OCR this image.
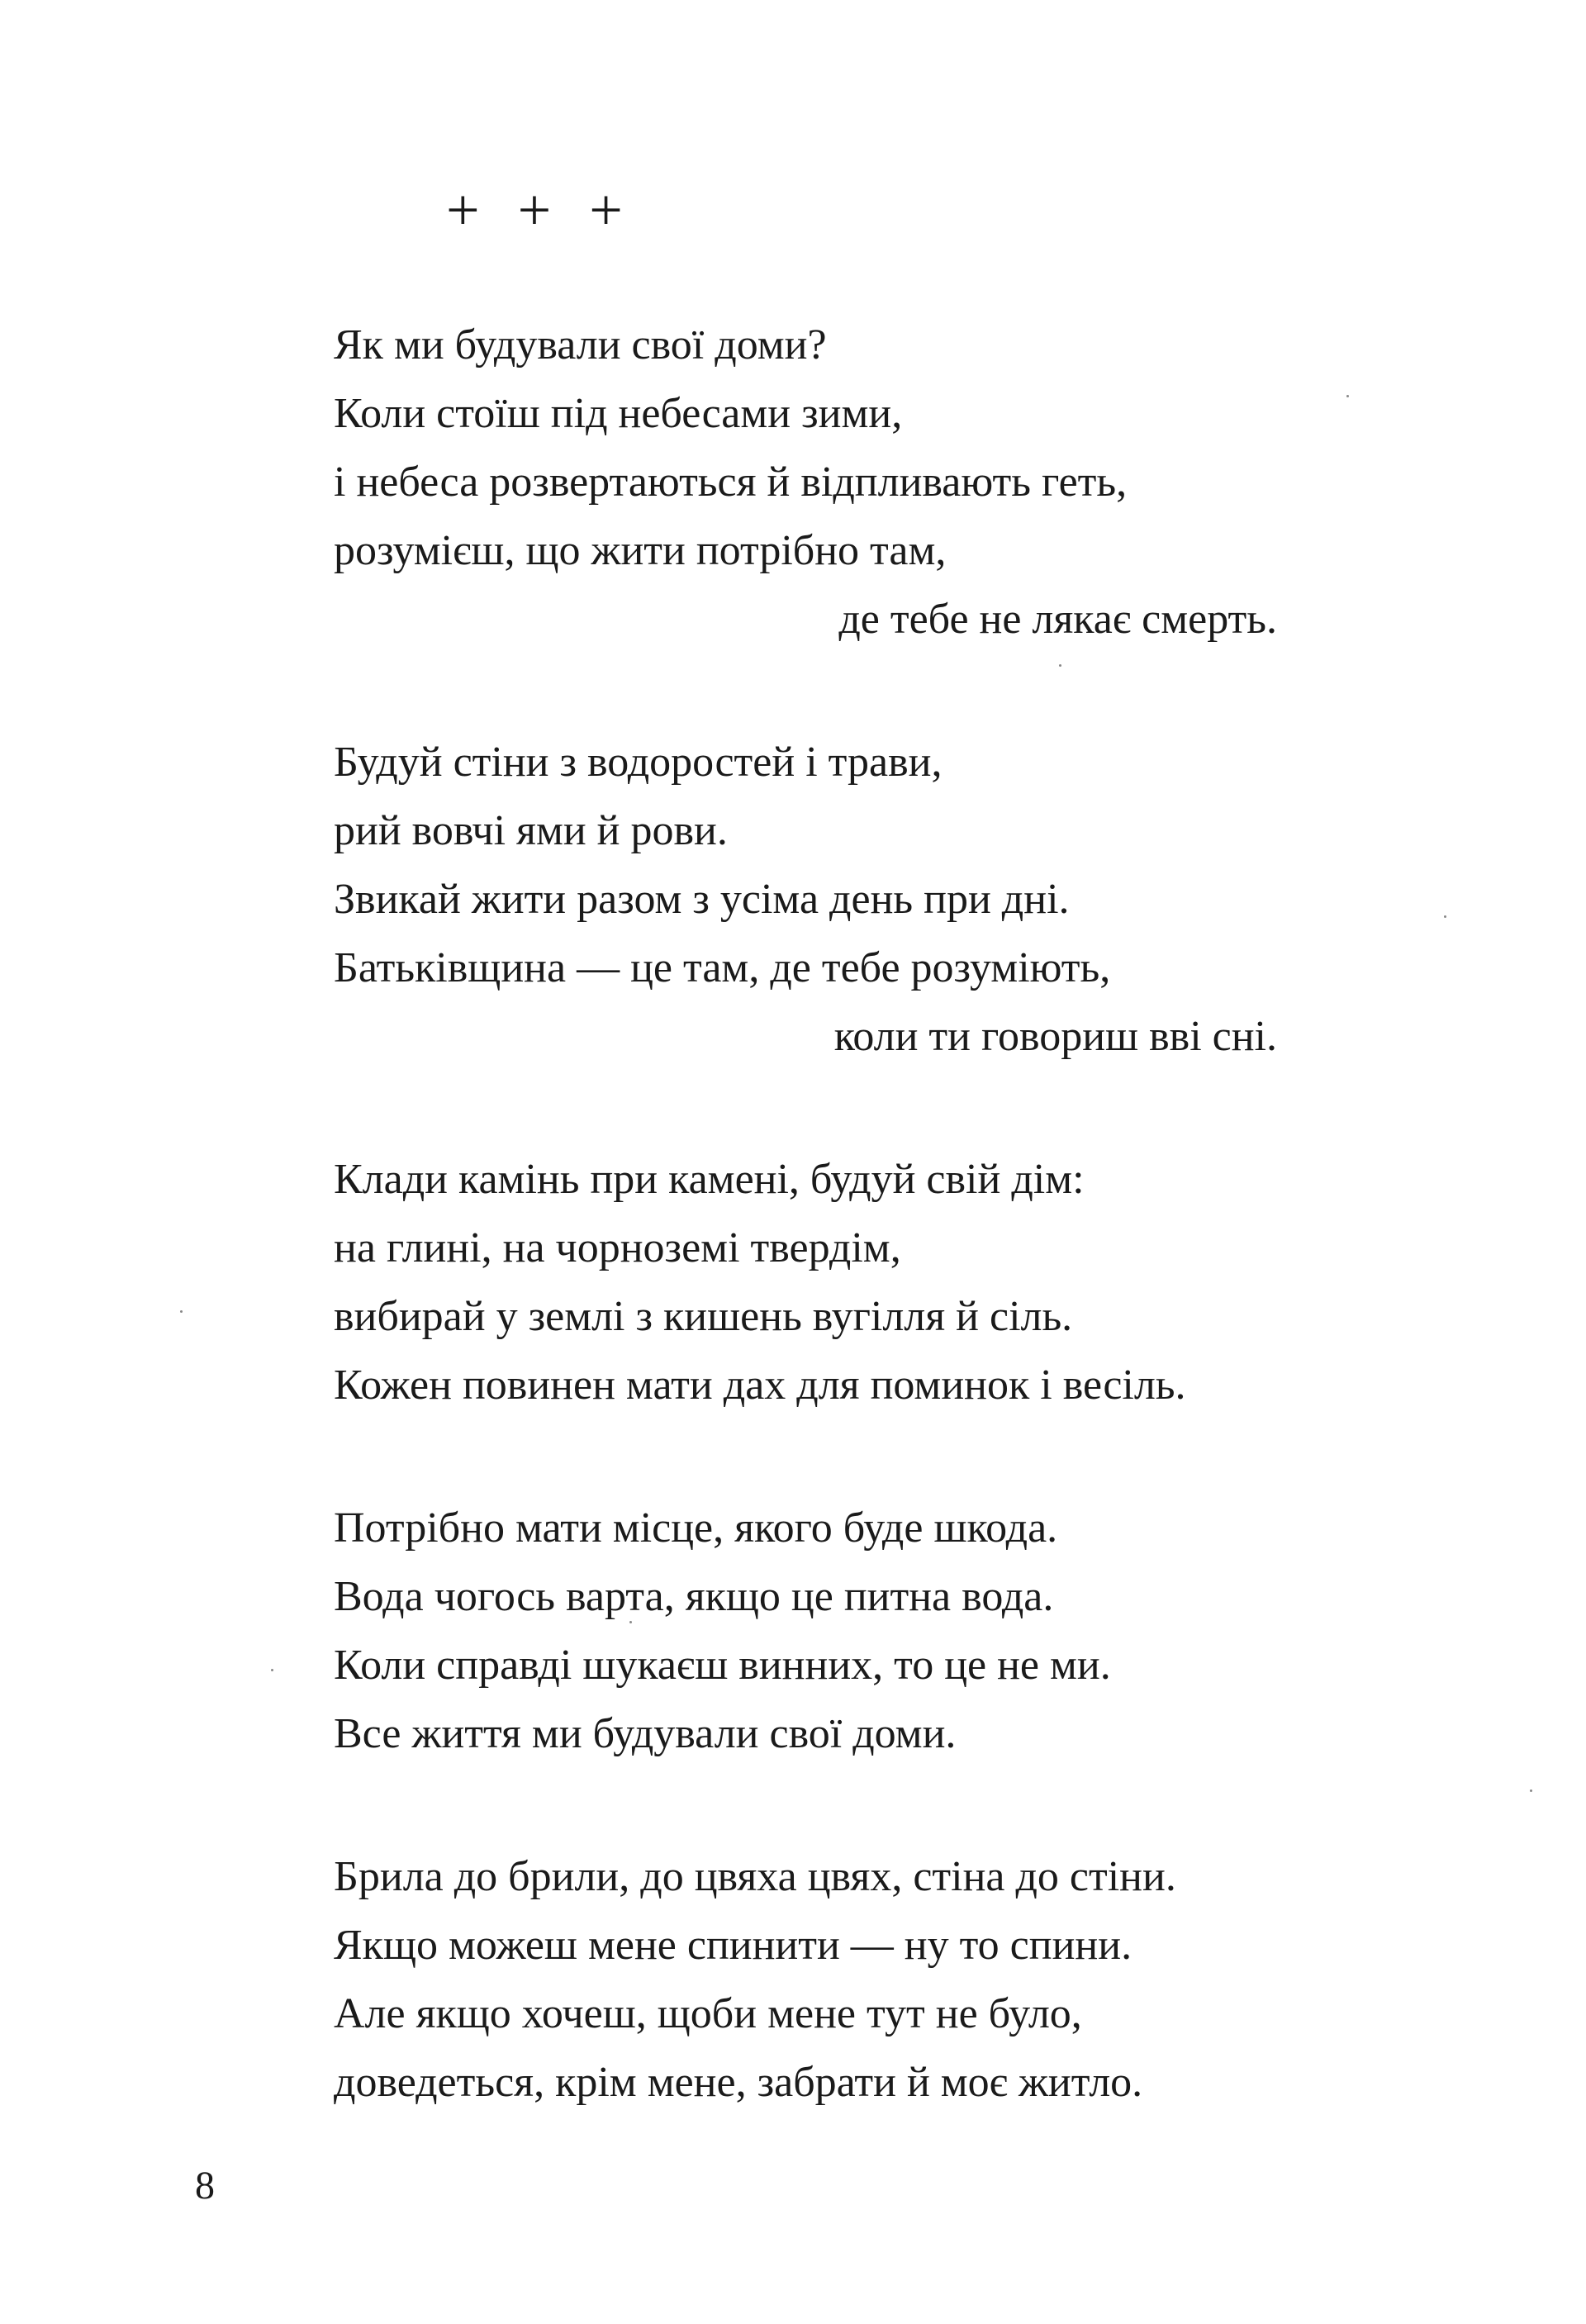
+ + +
Як ми будували свої доми?
Коли стоїш під небесами зими,
і небеса розвертаються й відпливають геть,
розумієш, що жити потрібно там,
де тебе не лякає смерть.
Будуй стіни з водоростей і трави,
рий вовчі ями й рови.
Звикай жити разом з усіма день при дні.
Батьківщина — це там, де тебе розуміють,
коли ти говориш вві сні.
Клади камінь при камені, будуй свій дім:
на глині, на чорноземі твердім,
вибирай у землі з кишень вугілля й сіль.
Кожен повинен мати дах для поминок і весіль.
Потрібно мати місце, якого буде шкода.
Вода чогось варта, якщо це питна вода.
Коли справді шукаєш винних, то це не ми.
Все життя ми будували свої доми.
Брила до брили, до цвяха цвях, стіна до стіни.
Якщо можеш мене спинити — ну то спини.
Але якщо хочеш, щоби мене тут не було,
доведеться, крім мене, забрати й моє житло.
8
